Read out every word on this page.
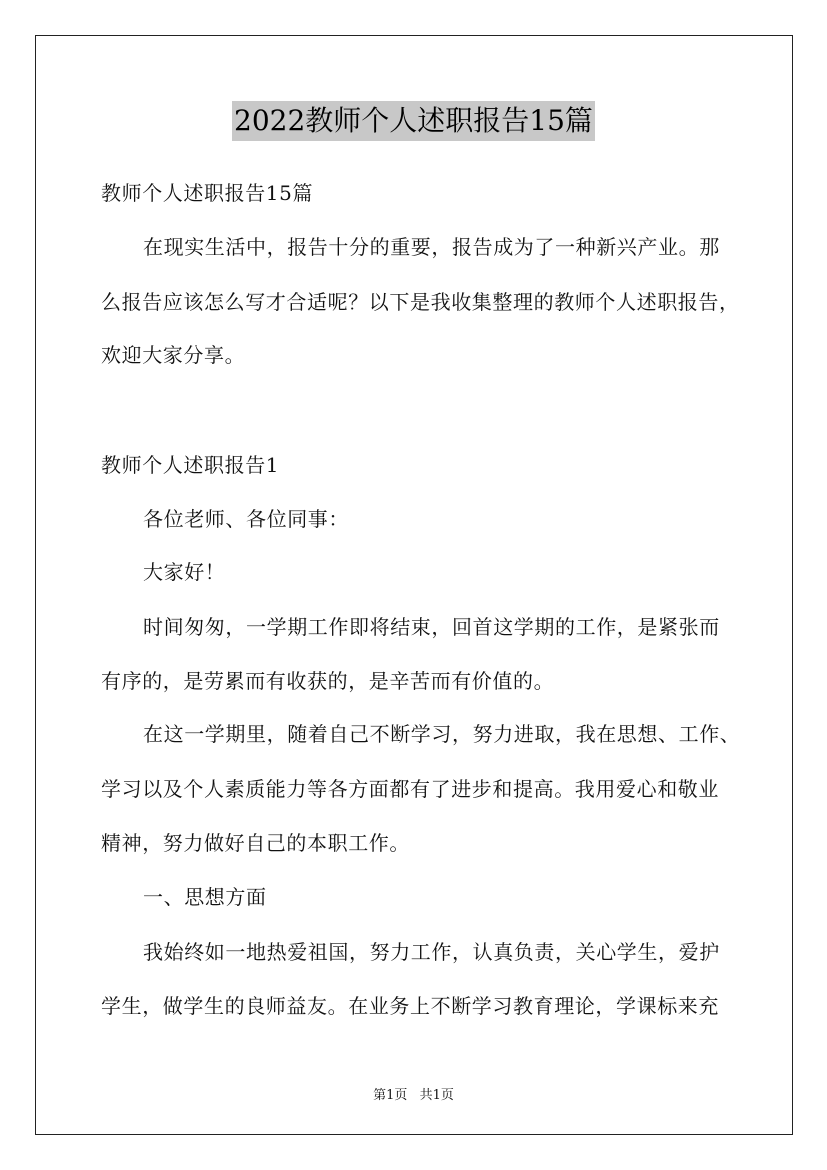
2022教师个人述职报告15篇
教师个人述职报告15篇
在现实生活中，报告十分的重要，报告成为了一种新兴产业。那
么报告应该怎么写才合适呢？以下是我收集整理的教师个人述职报告，
欢迎大家分享。
教师个人述职报告1
各位老师、各位同事：
大家好！
时间匆匆，一学期工作即将结束，回首这学期的工作，是紧张而
有序的，是劳累而有收获的，是辛苦而有价值的。
在这一学期里，随着自己不断学习，努力进取，我在思想、工作、
学习以及个人素质能力等各方面都有了进步和提高。我用爱心和敬业
精神，努力做好自己的本职工作。
一、思想方面
我始终如一地热爱祖国，努力工作，认真负责，关心学生，爱护
学生，做学生的良师益友。在业务上不断学习教育理论，学课标来充
第1页 共1页
